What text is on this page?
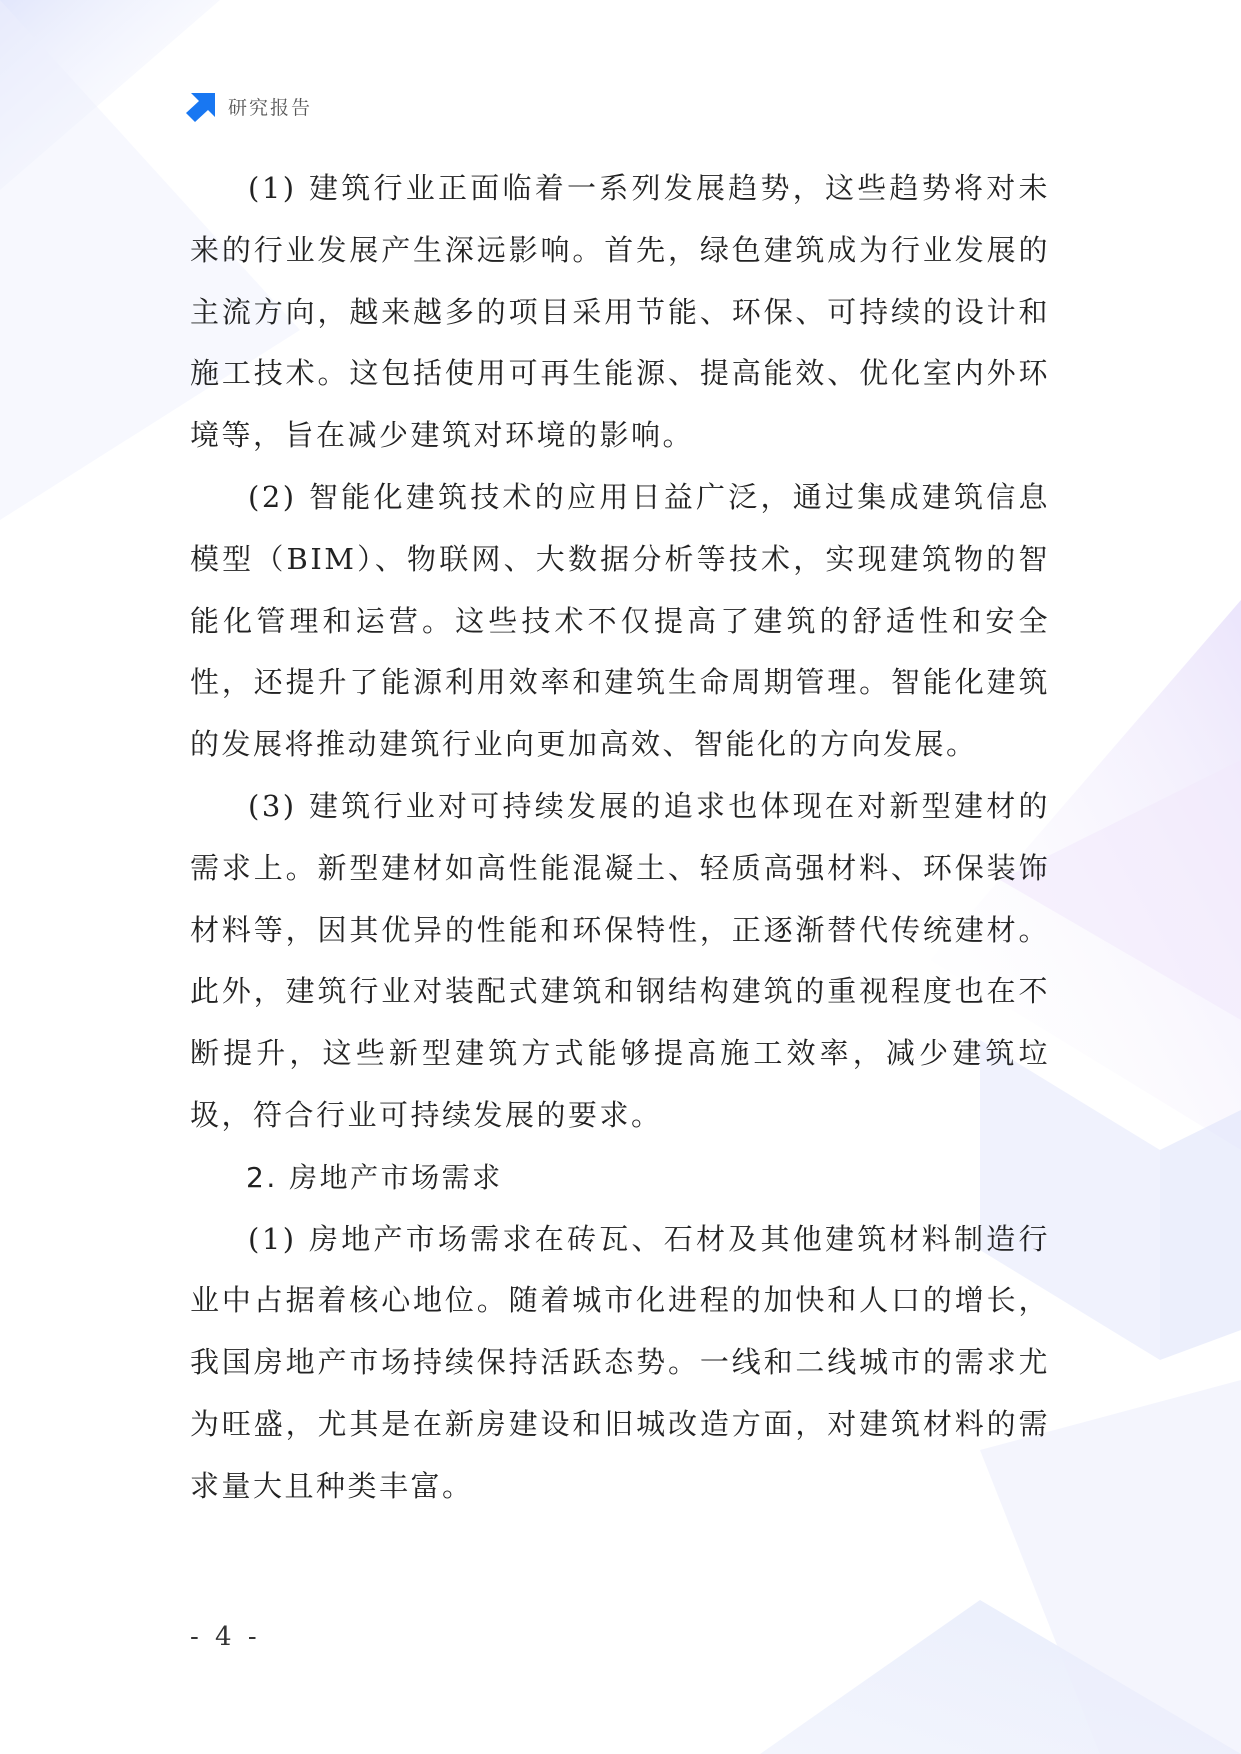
研究报告

(1) 建筑行业正面临着一系列发展趋势，这些趋势将对未来的行业发展产生深远影响。首先，绿色建筑成为行业发展的主流方向，越来越多的项目采用节能、环保、可持续的设计和施工技术。这包括使用可再生能源、提高能效、优化室内外环境等，旨在减少建筑对环境的影响。

(2) 智能化建筑技术的应用日益广泛，通过集成建筑信息模型（BIM）、物联网、大数据分析等技术，实现建筑物的智能化管理和运营。这些技术不仅提高了建筑的舒适性和安全性，还提升了能源利用效率和建筑生命周期管理。智能化建筑的发展将推动建筑行业向更加高效、智能化的方向发展。

(3) 建筑行业对可持续发展的追求也体现在对新型建材的需求上。新型建材如高性能混凝土、轻质高强材料、环保装饰材料等，因其优异的性能和环保特性，正逐渐替代传统建材。此外，建筑行业对装配式建筑和钢结构建筑的重视程度也在不断提升，这些新型建筑方式能够提高施工效率，减少建筑垃圾，符合行业可持续发展的要求。

2. 房地产市场需求

(1) 房地产市场需求在砖瓦、石材及其他建筑材料制造行业中占据着核心地位。随着城市化进程的加快和人口的增长，我国房地产市场持续保持活跃态势。一线和二线城市的需求尤为旺盛，尤其是在新房建设和旧城改造方面，对建筑材料的需求量大且种类丰富。

- 4 -
